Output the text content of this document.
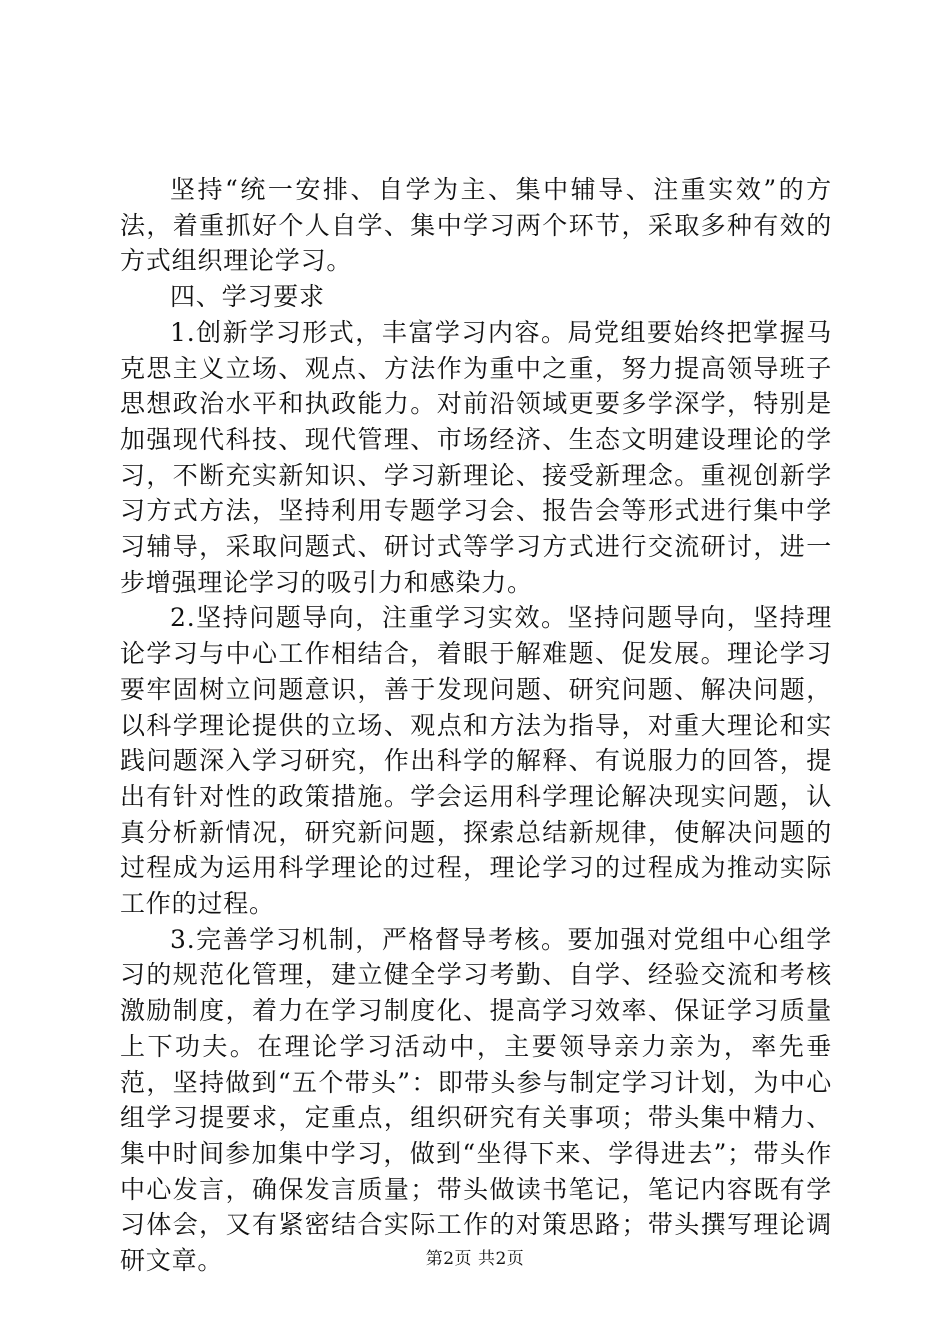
坚持“统一安排、自学为主、集中辅导、注重实效”的方法，着重抓好个人自学、集中学习两个环节，采取多种有效的方式组织理论学习。

四、学习要求

1.创新学习形式，丰富学习内容。局党组要始终把掌握马克思主义立场、观点、方法作为重中之重，努力提高领导班子思想政治水平和执政能力。对前沿领域更要多学深学，特别是加强现代科技、现代管理、市场经济、生态文明建设理论的学习，不断充实新知识、学习新理论、接受新理念。重视创新学习方式方法，坚持利用专题学习会、报告会等形式进行集中学习辅导，采取问题式、研讨式等学习方式进行交流研讨，进一步增强理论学习的吸引力和感染力。

2.坚持问题导向，注重学习实效。坚持问题导向，坚持理论学习与中心工作相结合，着眼于解难题、促发展。理论学习要牢固树立问题意识，善于发现问题、研究问题、解决问题，以科学理论提供的立场、观点和方法为指导，对重大理论和实践问题深入学习研究，作出科学的解释、有说服力的回答，提出有针对性的政策措施。学会运用科学理论解决现实问题，认真分析新情况，研究新问题，探索总结新规律，使解决问题的过程成为运用科学理论的过程，理论学习的过程成为推动实际工作的过程。

3.完善学习机制，严格督导考核。要加强对党组中心组学习的规范化管理，建立健全学习考勤、自学、经验交流和考核激励制度，着力在学习制度化、提高学习效率、保证学习质量上下功夫。在理论学习活动中，主要领导亲力亲为，率先垂范，坚持做到“五个带头”：即带头参与制定学习计划，为中心组学习提要求，定重点，组织研究有关事项；带头集中精力、集中时间参加集中学习，做到“坐得下来、学得进去”；带头作中心发言，确保发言质量；带头做读书笔记，笔记内容既有学习体会，又有紧密结合实际工作的对策思路；带头撰写理论调研文章。	第2页 共2页
